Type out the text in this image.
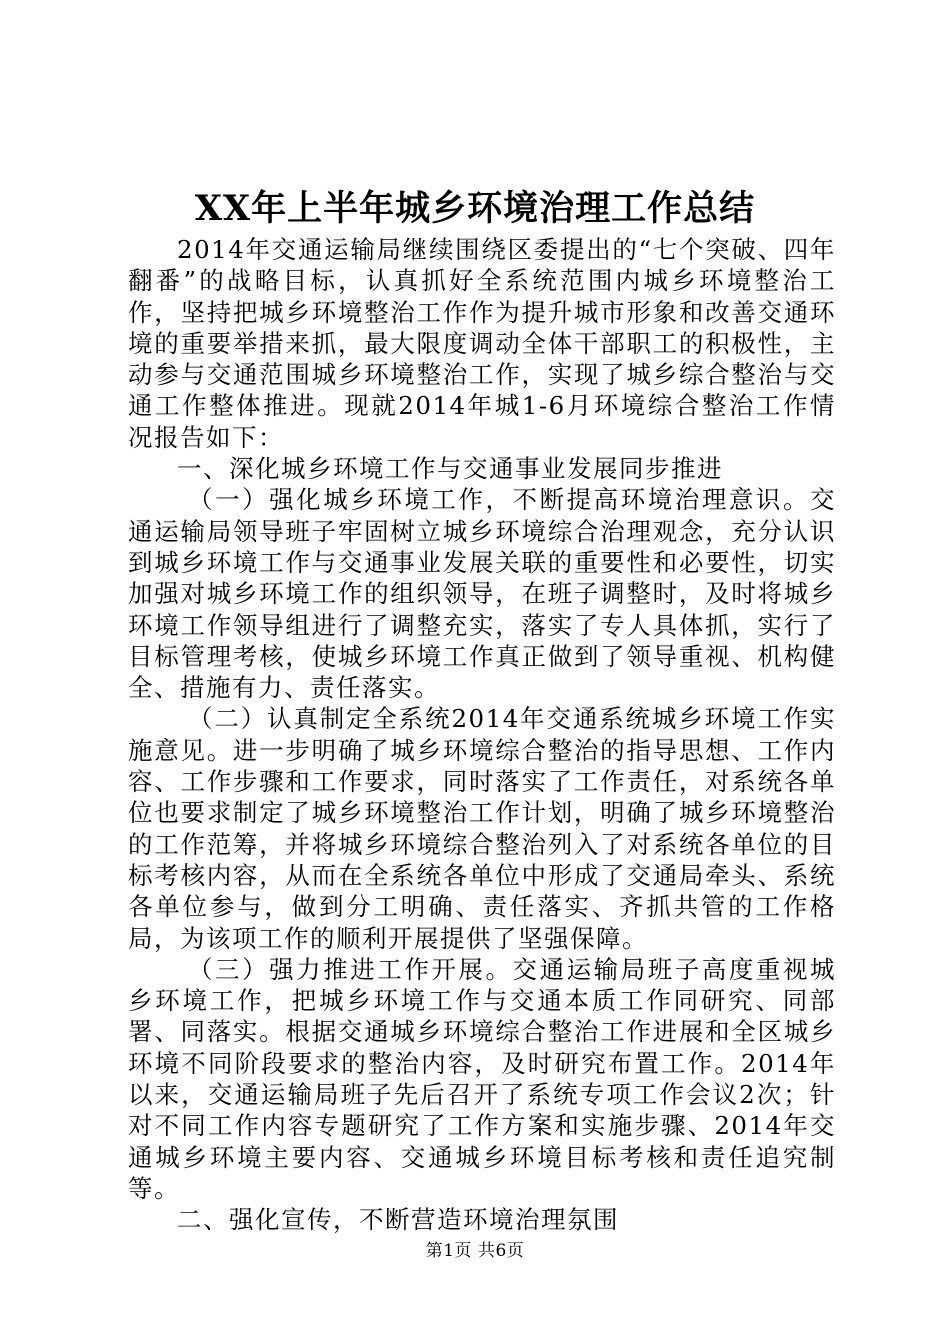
XX年上半年城乡环境治理工作总结

2014年交通运输局继续围绕区委提出的“七个突破、四年翻番”的战略目标，认真抓好全系统范围内城乡环境整治工作，坚持把城乡环境整治工作作为提升城市形象和改善交通环境的重要举措来抓，最大限度调动全体干部职工的积极性，主动参与交通范围城乡环境整治工作，实现了城乡综合整治与交通工作整体推进。现就2014年城1-6月环境综合整治工作情况报告如下：

一、深化城乡环境工作与交通事业发展同步推进

（一）强化城乡环境工作，不断提高环境治理意识。交通运输局领导班子牢固树立城乡环境综合治理观念，充分认识到城乡环境工作与交通事业发展关联的重要性和必要性，切实加强对城乡环境工作的组织领导，在班子调整时，及时将城乡环境工作领导组进行了调整充实，落实了专人具体抓，实行了目标管理考核，使城乡环境工作真正做到了领导重视、机构健全、措施有力、责任落实。

（二）认真制定全系统2014年交通系统城乡环境工作实施意见。进一步明确了城乡环境综合整治的指导思想、工作内容、工作步骤和工作要求，同时落实了工作责任，对系统各单位也要求制定了城乡环境整治工作计划，明确了城乡环境整治的工作范筹，并将城乡环境综合整治列入了对系统各单位的目标考核内容，从而在全系统各单位中形成了交通局牵头、系统各单位参与，做到分工明确、责任落实、齐抓共管的工作格局，为该项工作的顺利开展提供了坚强保障。

（三）强力推进工作开展。交通运输局班子高度重视城乡环境工作，把城乡环境工作与交通本质工作同研究、同部署、同落实。根据交通城乡环境综合整治工作进展和全区城乡环境不同阶段要求的整治内容，及时研究布置工作。2014年以来，交通运输局班子先后召开了系统专项工作会议2次；针对不同工作内容专题研究了工作方案和实施步骤、2014年交通城乡环境主要内容、交通城乡环境目标考核和责任追究制等。

二、强化宣传，不断营造环境治理氛围

第1页 共6页
